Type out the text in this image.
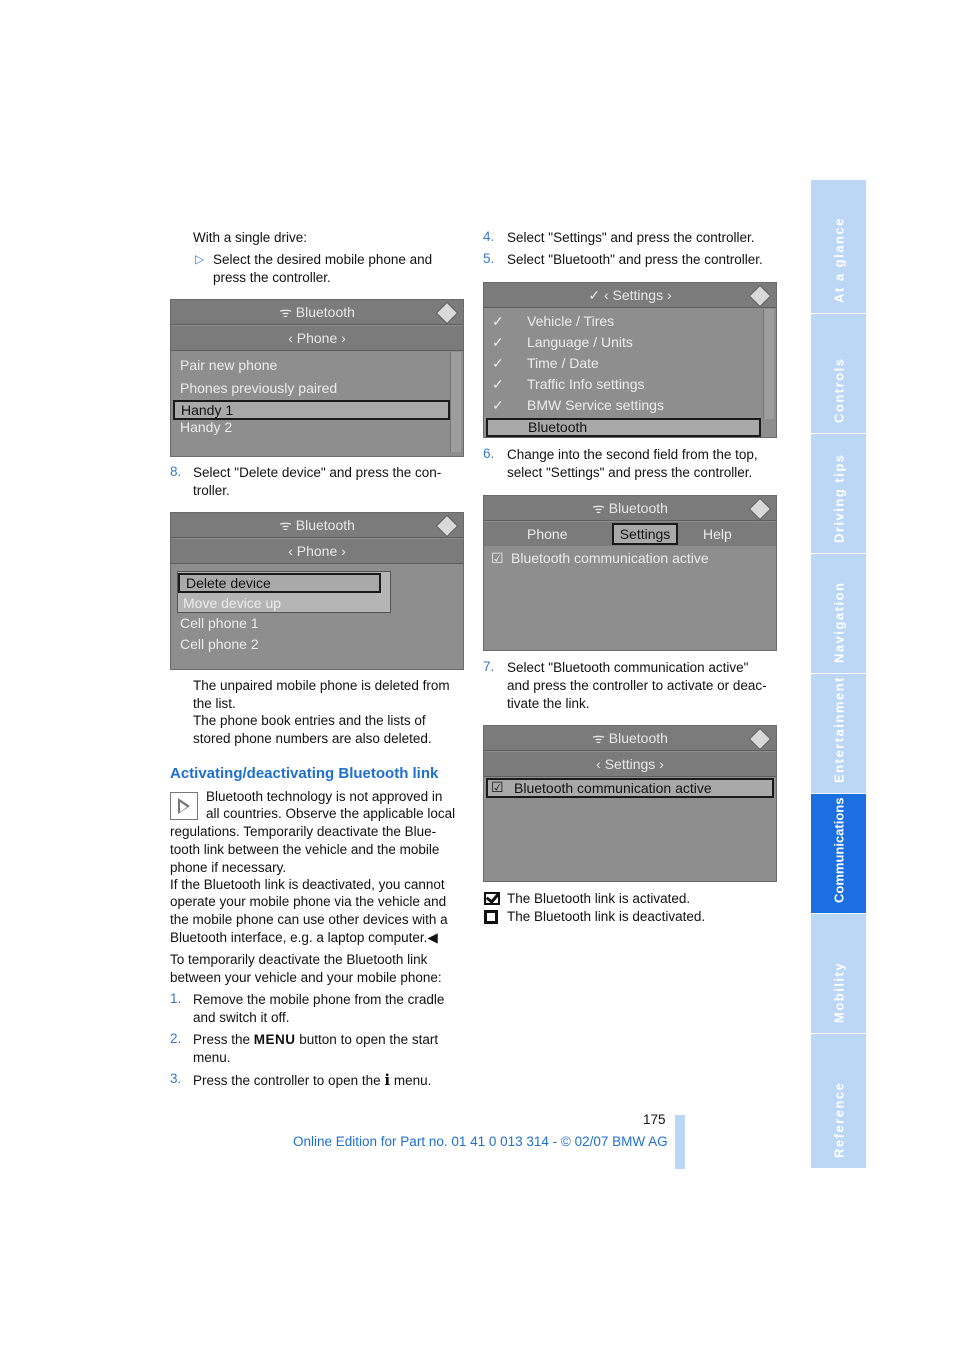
With a single drive:
▷ Select the desired mobile phone and
press the controller.
ᯤ Bluetooth
‹ Phone ›
Pair new phone
Phones previously paired
Handy 1
Handy 2
8. Select "Delete device" and press the con-
troller.
ᯤ Bluetooth
‹ Phone ›
Delete device
Move device up
Cell phone 1
Cell phone 2
The unpaired mobile phone is deleted from
the list.
The phone book entries and the lists of
stored phone numbers are also deleted.
Activating/deactivating Bluetooth link
Bluetooth technology is not approved in
all countries. Observe the applicable local
regulations. Temporarily deactivate the Blue-
tooth link between the vehicle and the mobile
phone if necessary.
If the Bluetooth link is deactivated, you cannot
operate your mobile phone via the vehicle and
the mobile phone can use other devices with a
Bluetooth interface, e.g. a laptop computer.◀
To temporarily deactivate the Bluetooth link
between your vehicle and your mobile phone:
1. Remove the mobile phone from the cradle
and switch it off.
2. Press the MENU button to open the start
menu.
3. Press the controller to open the i menu.
4. Select "Settings" and press the controller.
5. Select "Bluetooth" and press the controller.
✓ ‹ Settings ›
✓ Vehicle / Tires
✓ Language / Units
✓ Time / Date
✓ Traffic Info settings
✓ BMW Service settings
Bluetooth
6. Change into the second field from the top,
select "Settings" and press the controller.
ᯤ Bluetooth
Phone	Settings	Help
☑ Bluetooth communication active
7. Select "Bluetooth communication active"
and press the controller to activate or deac-
tivate the link.
ᯤ Bluetooth
‹ Settings ›
Bluetooth communication active
☑
The Bluetooth link is activated.
The Bluetooth link is deactivated.
At a glance
Controls
Driving tips
Navigation
Entertainment
Communications
Mobility
Reference
175
Online Edition for Part no. 01 41 0 013 314 - © 02/07 BMW AG
